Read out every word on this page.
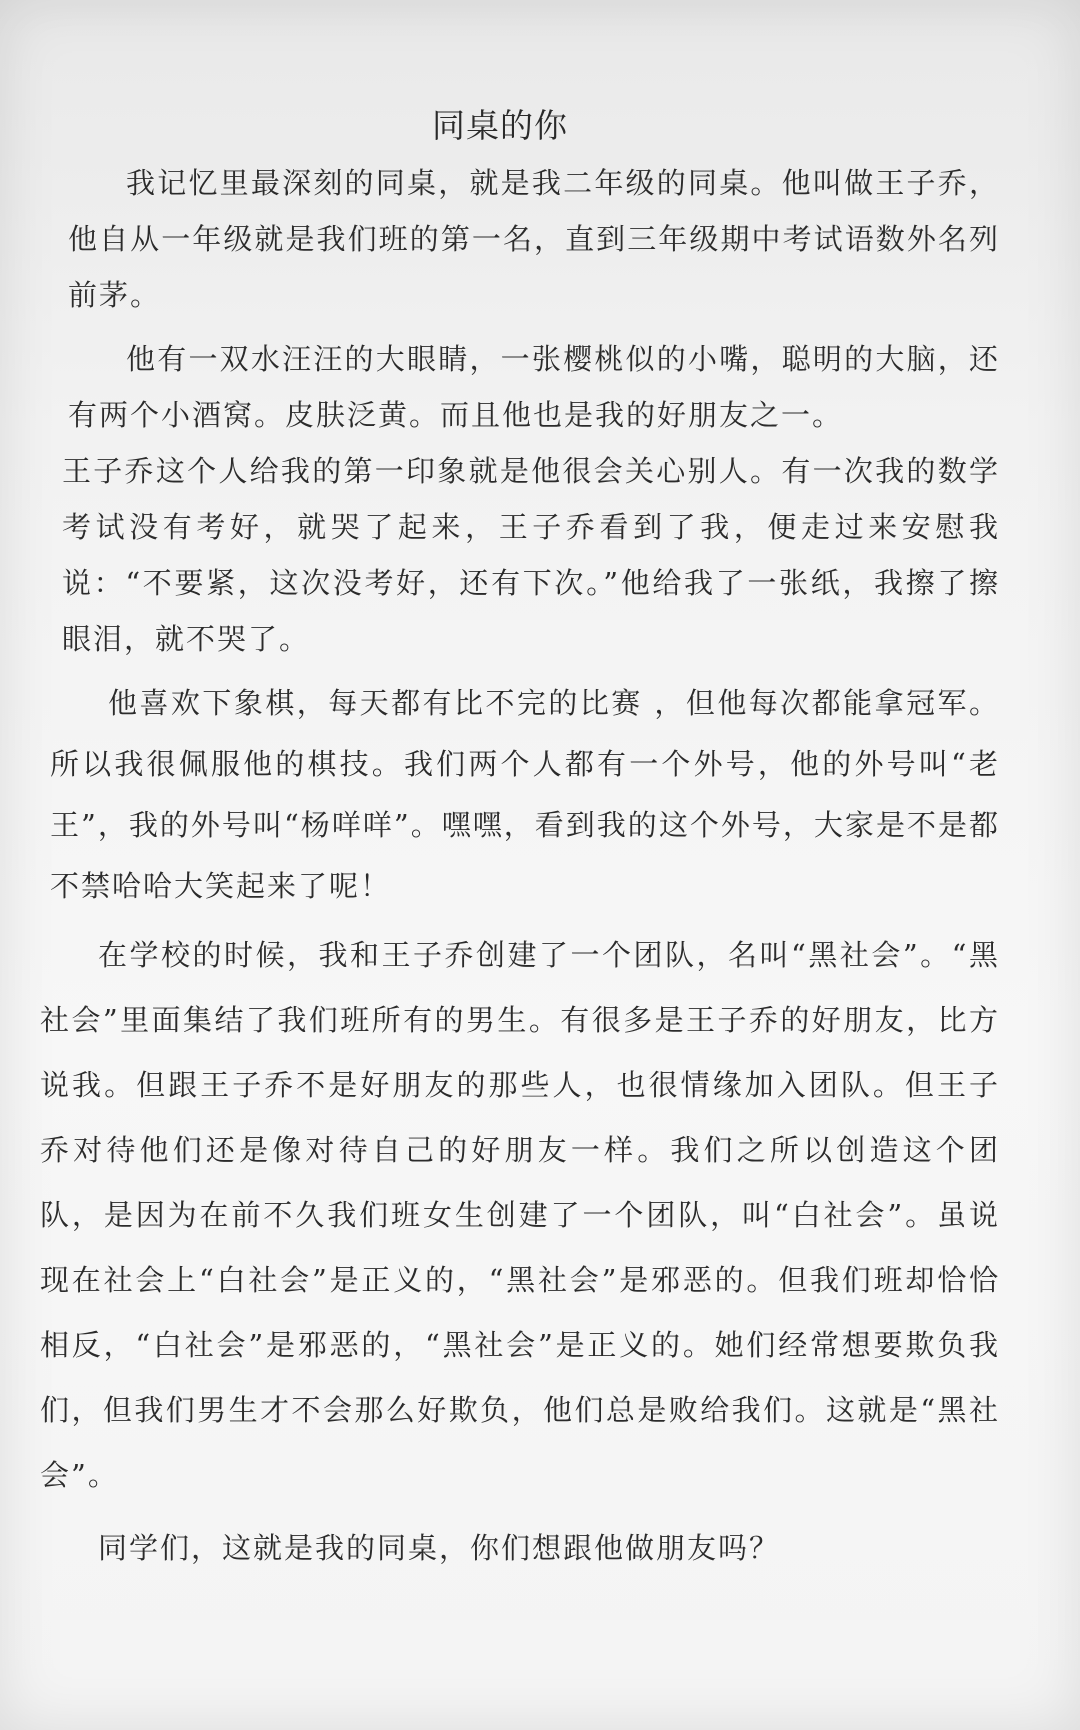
同桌的你

我记忆里最深刻的同桌，就是我二年级的同桌。他叫做王子乔，他自从一年级就是我们班的第一名，直到三年级期中考试语数外名列前茅。

他有一双水汪汪的大眼睛，一张樱桃似的小嘴，聪明的大脑，还有两个小酒窝。皮肤泛黄。而且他也是我的好朋友之一。

王子乔这个人给我的第一印象就是他很会关心别人。有一次我的数学考试没有考好，就哭了起来，王子乔看到了我，便走过来安慰我说：“不要紧，这次没考好，还有下次。”他给我了一张纸，我擦了擦眼泪，就不哭了。

他喜欢下象棋，每天都有比不完的比赛 ，但他每次都能拿冠军。所以我很佩服他的棋技。我们两个人都有一个外号，他的外号叫“老王”，我的外号叫“杨咩咩”。嘿嘿，看到我的这个外号，大家是不是都不禁哈哈大笑起来了呢！

在学校的时候，我和王子乔创建了一个团队，名叫“黑社会”。“黑社会”里面集结了我们班所有的男生。有很多是王子乔的好朋友，比方说我。但跟王子乔不是好朋友的那些人，也很情缘加入团队。但王子乔对待他们还是像对待自己的好朋友一样。我们之所以创造这个团队，是因为在前不久我们班女生创建了一个团队，叫“白社会”。虽说现在社会上“白社会”是正义的，“黑社会”是邪恶的。但我们班却恰恰相反，“白社会”是邪恶的，“黑社会”是正义的。她们经常想要欺负我们，但我们男生才不会那么好欺负，他们总是败给我们。这就是“黑社会”。

同学们，这就是我的同桌，你们想跟他做朋友吗？
